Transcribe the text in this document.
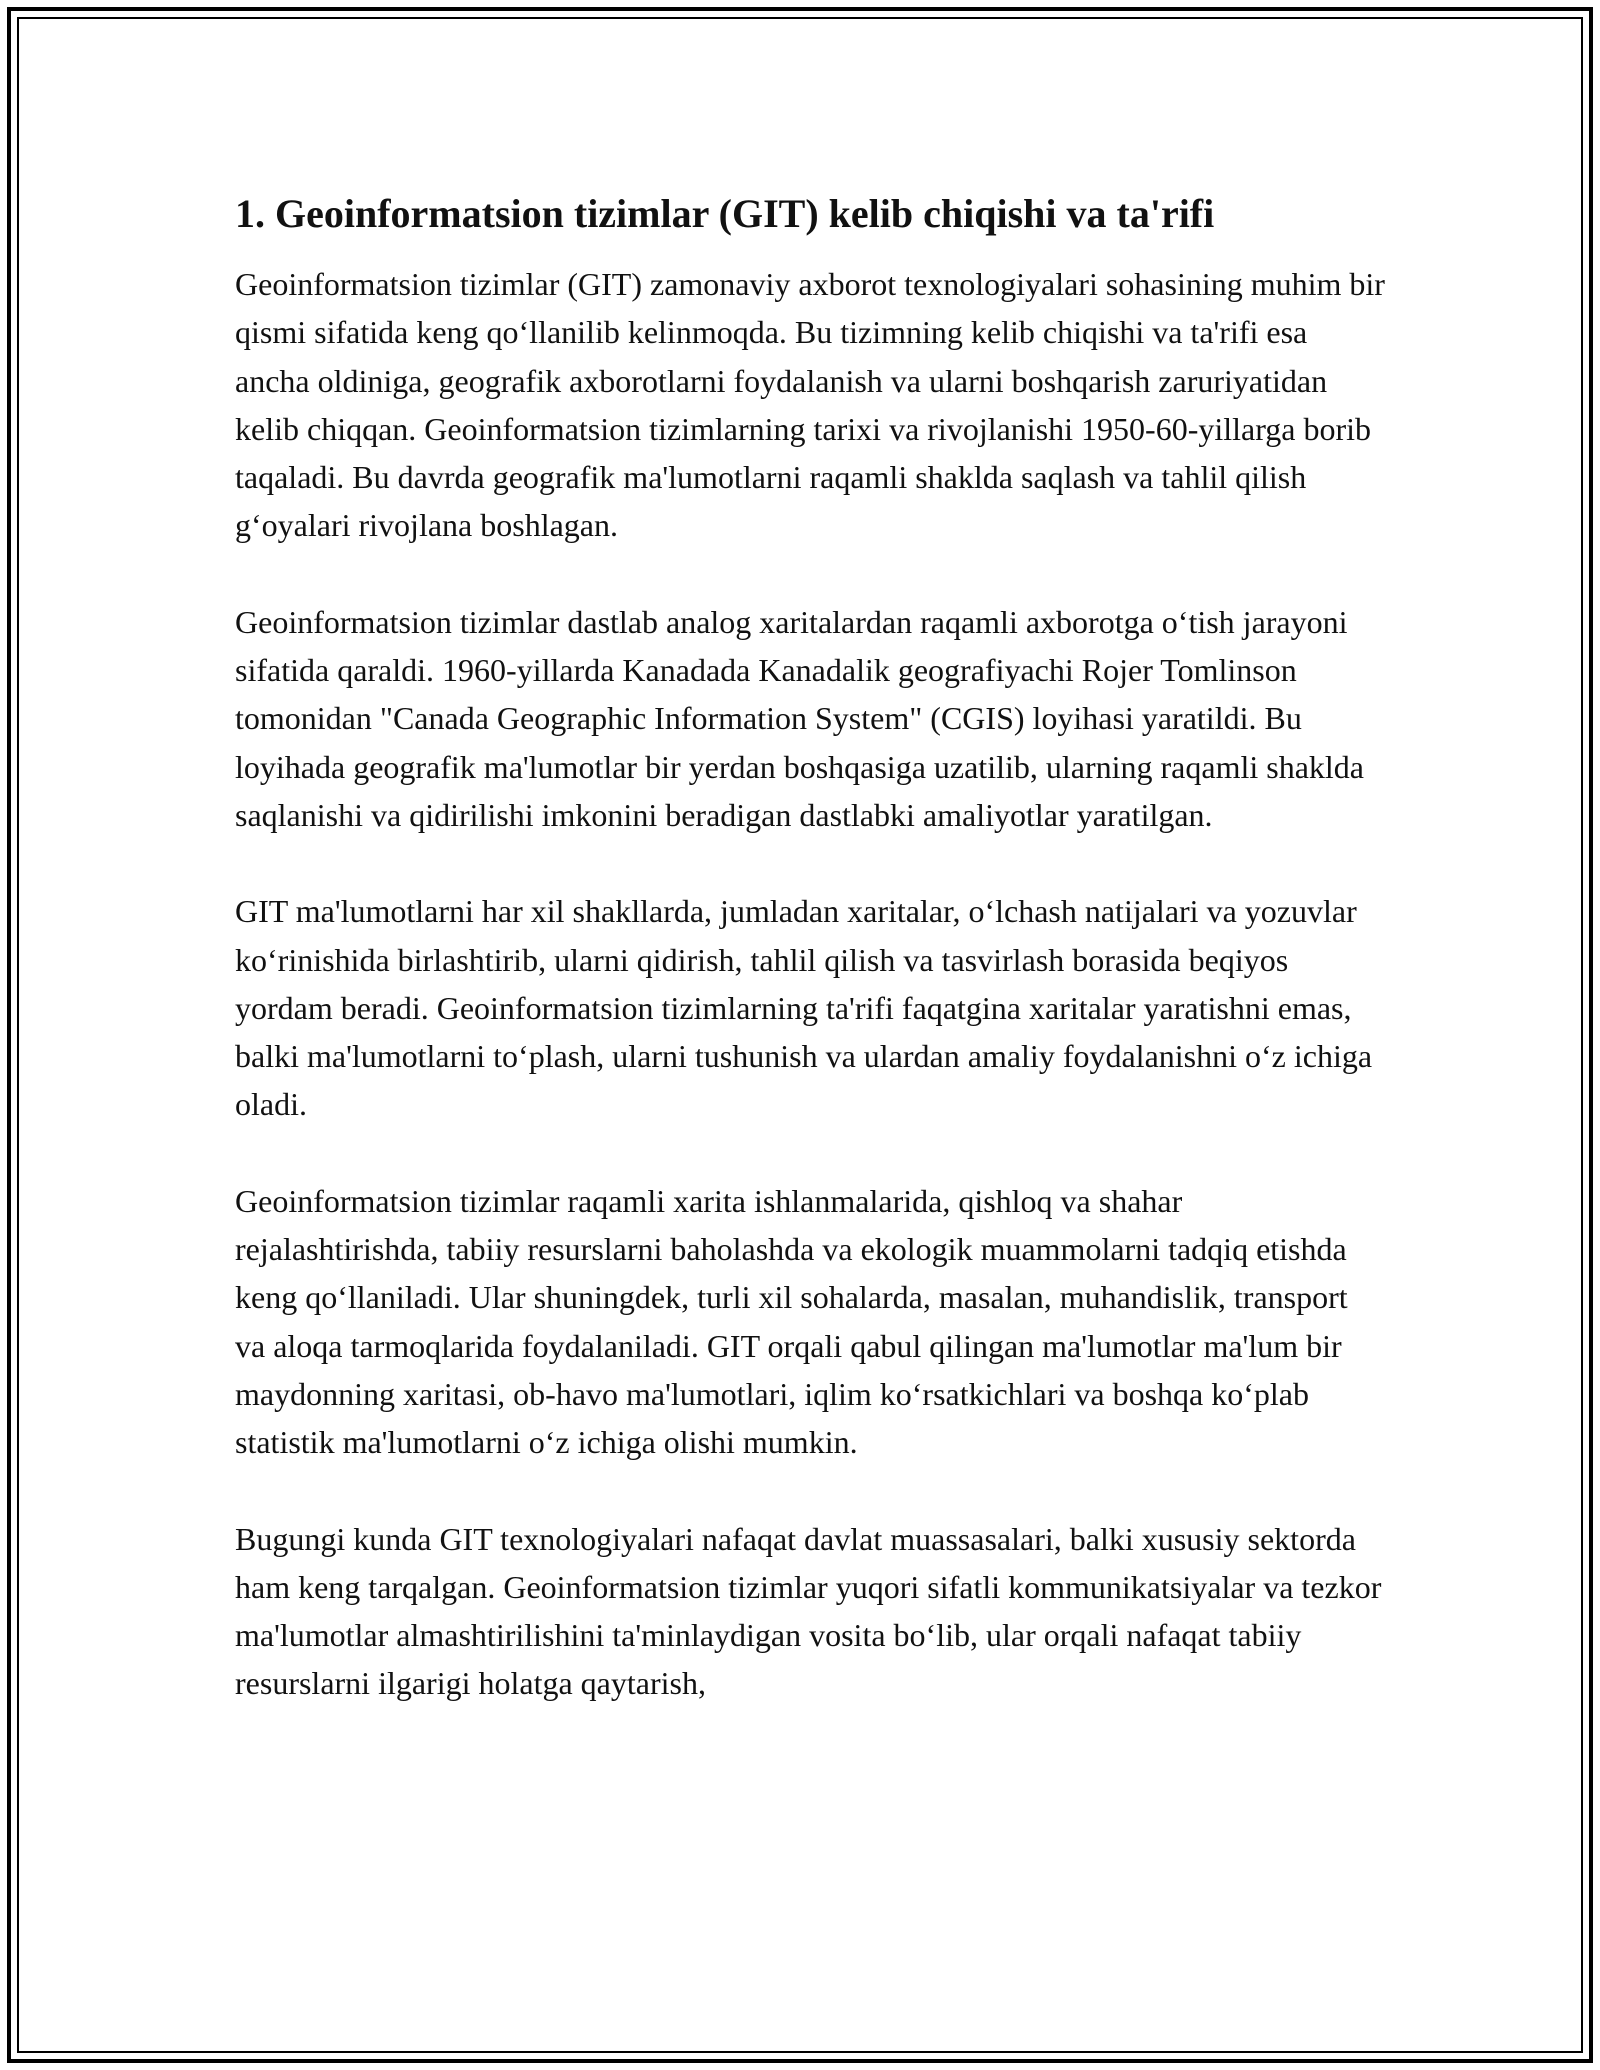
1. Geoinformatsion tizimlar (GIT) kelib chiqishi va ta'rifi

Geoinformatsion tizimlar (GIT) zamonaviy axborot texnologiyalari sohasining muhim bir qismi sifatida keng qo‘llanilib kelinmoqda. Bu tizimning kelib chiqishi va ta'rifi esa ancha oldiniga, geografik axborotlarni foydalanish va ularni boshqarish zaruriyatidan kelib chiqqan. Geoinformatsion tizimlarning tarixi va rivojlanishi 1950-60-yillarga borib taqaladi. Bu davrda geografik ma'lumotlarni raqamli shaklda saqlash va tahlil qilish g‘oyalari rivojlana boshlagan.

Geoinformatsion tizimlar dastlab analog xaritalardan raqamli axborotga o‘tish jarayoni sifatida qaraldi. 1960-yillarda Kanadada Kanadalik geografiyachi Rojer Tomlinson tomonidan "Canada Geographic Information System" (CGIS) loyihasi yaratildi. Bu loyihada geografik ma'lumotlar bir yerdan boshqasiga uzatilib, ularning raqamli shaklda saqlanishi va qidirilishi imkonini beradigan dastlabki amaliyotlar yaratilgan.

GIT ma'lumotlarni har xil shakllarda, jumladan xaritalar, o‘lchash natijalari va yozuvlar ko‘rinishida birlashtirib, ularni qidirish, tahlil qilish va tasvirlash borasida beqiyos yordam beradi. Geoinformatsion tizimlarning ta'rifi faqatgina xaritalar yaratishni emas, balki ma'lumotlarni to‘plash, ularni tushunish va ulardan amaliy foydalanishni o‘z ichiga oladi.

Geoinformatsion tizimlar raqamli xarita ishlanmalarida, qishloq va shahar rejalashtirishda, tabiiy resurslarni baholashda va ekologik muammolarni tadqiq etishda keng qo‘llaniladi. Ular shuningdek, turli xil sohalarda, masalan, muhandislik, transport va aloqa tarmoqlarida foydalaniladi. GIT orqali qabul qilingan ma'lumotlar ma'lum bir maydonning xaritasi, ob-havo ma'lumotlari, iqlim ko‘rsatkichlari va boshqa ko‘plab statistik ma'lumotlarni o‘z ichiga olishi mumkin.

Bugungi kunda GIT texnologiyalari nafaqat davlat muassasalari, balki xususiy sektorda ham keng tarqalgan. Geoinformatsion tizimlar yuqori sifatli kommunikatsiyalar va tezkor ma'lumotlar almashtirilishini ta'minlaydigan vosita bo‘lib, ular orqali nafaqat tabiiy resurslarni ilgarigi holatga qaytarish,
